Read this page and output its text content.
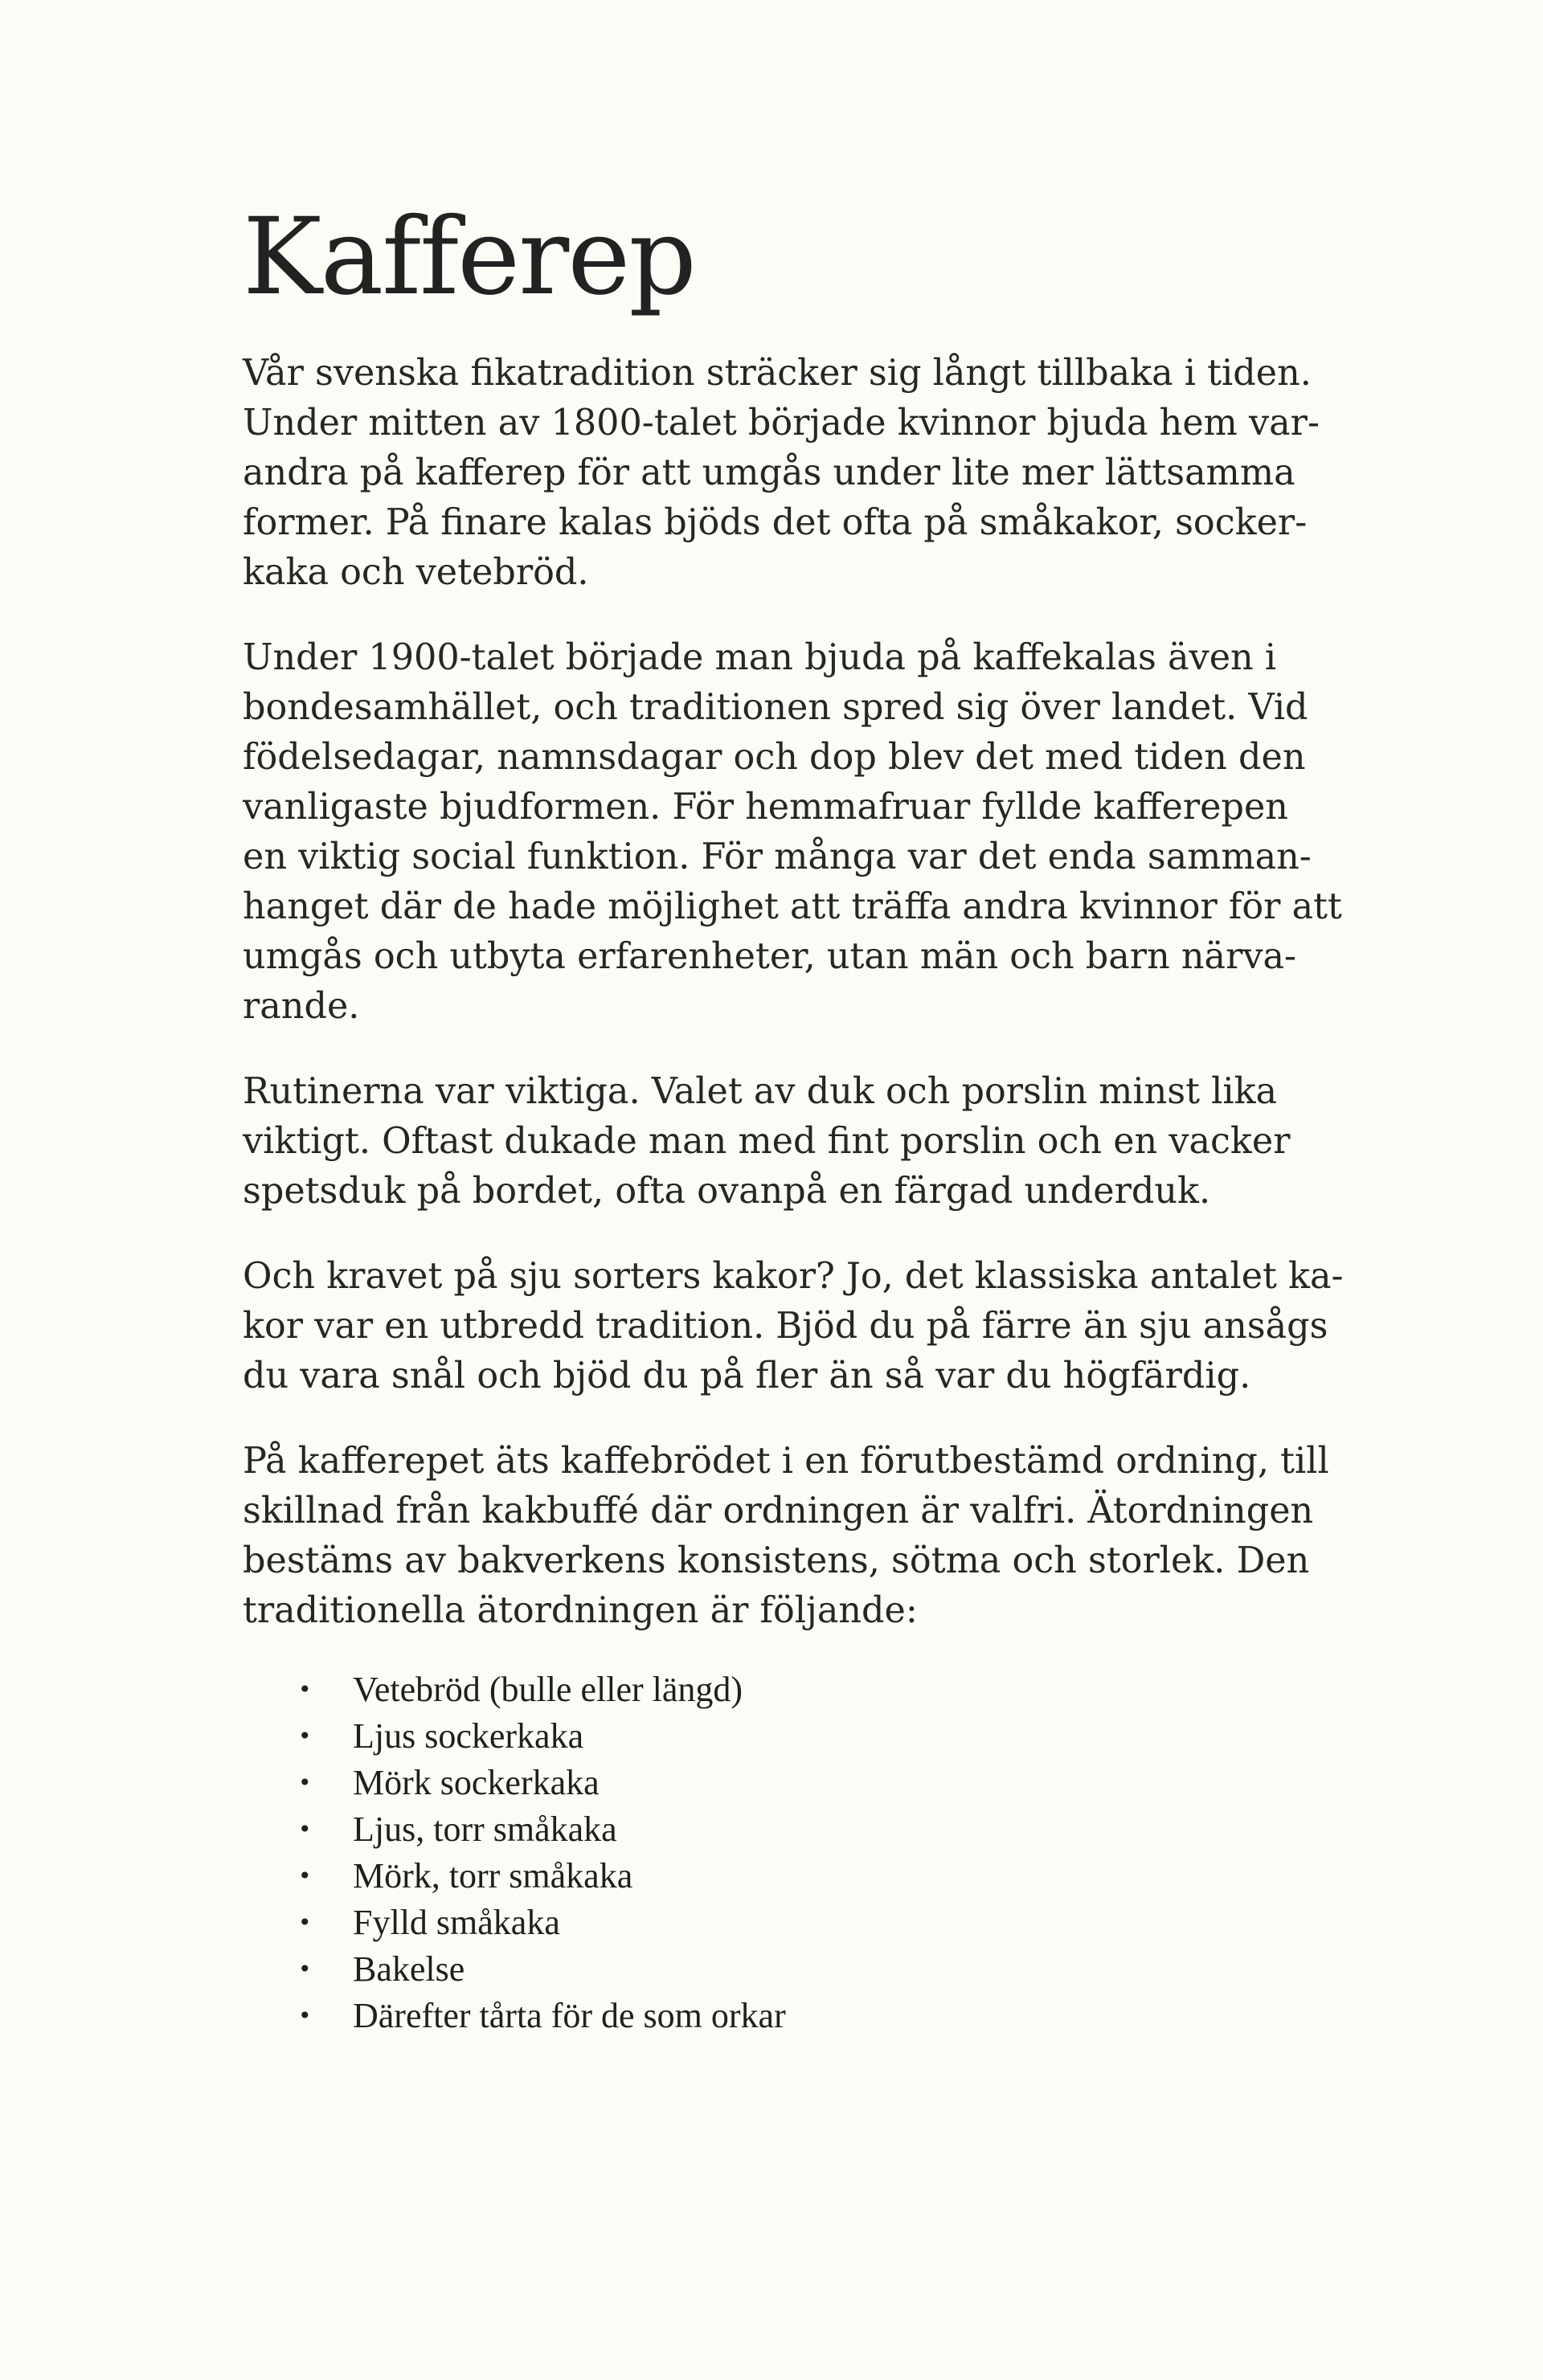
Kafferep

Vår svenska fikatradition sträcker sig långt tillbaka i tiden.
Under mitten av 1800-talet började kvinnor bjuda hem var-
andra på kafferep för att umgås under lite mer lättsamma
former. På finare kalas bjöds det ofta på småkakor, socker-
kaka och vetebröd.

Under 1900-talet började man bjuda på kaffekalas även i
bondesamhället, och traditionen spred sig över landet. Vid
födelsedagar, namnsdagar och dop blev det med tiden den
vanligaste bjudformen. För hemmafruar fyllde kafferepen
en viktig social funktion. För många var det enda samman-
hanget där de hade möjlighet att träffa andra kvinnor för att
umgås och utbyta erfarenheter, utan män och barn närva-
rande.

Rutinerna var viktiga. Valet av duk och porslin minst lika
viktigt. Oftast dukade man med fint porslin och en vacker
spetsduk på bordet, ofta ovanpå en färgad underduk.

Och kravet på sju sorters kakor? Jo, det klassiska antalet ka-
kor var en utbredd tradition. Bjöd du på färre än sju ansågs
du vara snål och bjöd du på fler än så var du högfärdig.

På kafferepet äts kaffebrödet i en förutbestämd ordning, till
skillnad från kakbuffé där ordningen är valfri. Ätordningen
bestäms av bakverkens konsistens, sötma och storlek. Den
traditionella ätordningen är följande:

• Vetebröd (bulle eller längd)
• Ljus sockerkaka
• Mörk sockerkaka
• Ljus, torr småkaka
• Mörk, torr småkaka
• Fylld småkaka
• Bakelse
• Därefter tårta för de som orkar
